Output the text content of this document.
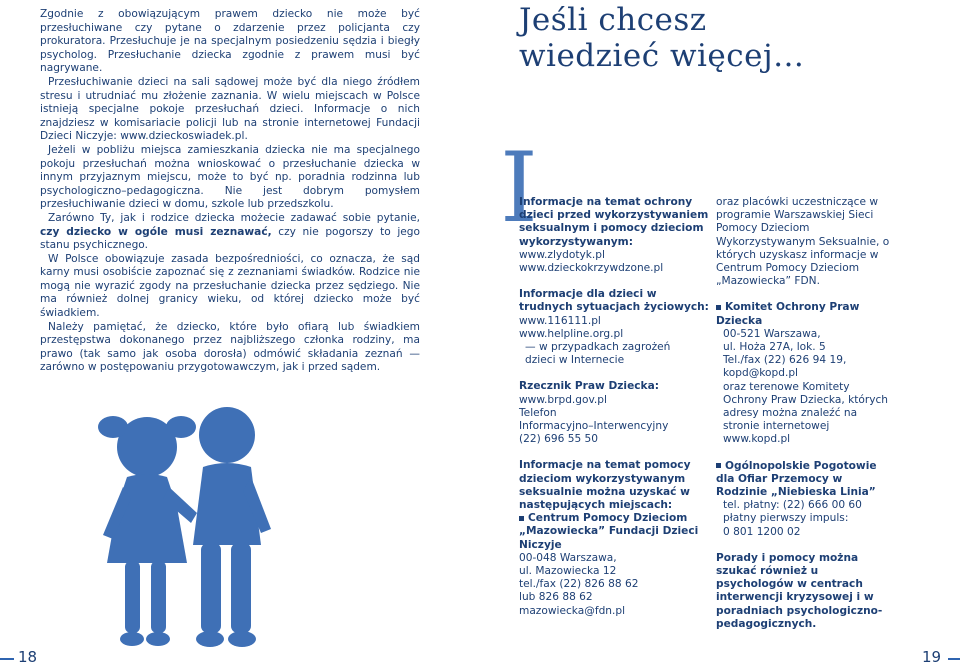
Zgodnie z obowiązującym prawem dziecko nie może być przesłuchiwane czy pytane o zdarzenie przez policjanta czy prokuratora. Przesłuchuje je na specjalnym posiedzeniu sędzia i biegły psycholog. Przesłuchanie dziecka zgodnie z prawem musi być nagrywane.

Przesłuchiwanie dzieci na sali sądowej może być dla niego źródłem stresu i utrudniać mu złożenie zaznania. W wielu miejscach w Polsce istnieją specjalne pokoje przesłuchań dzieci. Informacje o nich znajdziesz w komisariacie policji lub na stronie internetowej Fundacji Dzieci Niczyje: www.dzieckoswiadek.pl.

Jeżeli w pobliżu miejsca zamieszkania dziecka nie ma specjalnego pokoju przesłuchań można wnioskować o przesłuchanie dziecka w innym przyjaznym miejscu, może to być np. poradnia rodzinna lub psychologiczno–pedagogiczna. Nie jest dobrym pomysłem przesłuchiwanie dzieci w domu, szkole lub przedszkolu.

Zarówno Ty, jak i rodzice dziecka możecie zadawać sobie pytanie, czy dziecko w ogóle musi zeznawać, czy nie pogorszy to jego stanu psychicznego.

W Polsce obowiązuje zasada bezpośredniości, co oznacza, że sąd karny musi osobiście zapoznać się z zeznaniami świadków. Rodzice nie mogą nie wyrazić zgody na przesłuchanie dziecka przez sędziego. Nie ma również dolnej granicy wieku, od której dziecko może być świadkiem.

Należy pamiętać, że dziecko, które było ofiarą lub świadkiem przestępstwa dokonanego przez najbliższego członka rodziny, ma prawo (tak samo jak osoba dorosła) odmówić składania zeznań — zarówno w postępowaniu przygotowawczym, jak i przed sądem.

18
Jeśli chcesz
wiedzieć więcej…
I
Informacje na temat ochrony dzieci przed wykorzystywaniem seksualnym i pomocy dzieciom wykorzystywanym:
www.zlydotyk.pl
www.dzieckokrzywdzone.pl
Informacje dla dzieci w trudnych sytuacjach życiowych:
www.116111.pl
www.helpline.org.pl
— w przypadkach zagrożeń
dzieci w Internecie
Rzecznik Praw Dziecka:
www.brpd.gov.pl
Telefon
Informacyjno–Interwencyjny
(22) 696 55 50
Informacje na temat pomocy dzieciom wykorzystywanym seksualnie można uzyskać w następujących miejscach:
Centrum Pomocy Dzieciom „Mazowiecka” Fundacji Dzieci Niczyje
00-048 Warszawa,
ul. Mazowiecka 12
tel./fax (22) 826 88 62
lub 826 88 62
mazowiecka@fdn.pl
oraz placówki uczestniczące w programie Warszawskiej Sieci Pomocy Dzieciom Wykorzystywanym Seksualnie, o których uzyskasz informacje w Centrum Pomocy Dzieciom „Mazowiecka” FDN.
Komitet Ochrony Praw Dziecka
00-521 Warszawa,
ul. Hoża 27A, lok. 5
Tel./fax (22) 626 94 19,
kopd@kopd.pl
oraz terenowe Komitety Ochrony Praw Dziecka, których adresy można znaleźć na stronie internetowej www.kopd.pl
Ogólnopolskie Pogotowie dla Ofiar Przemocy w Rodzinie „Niebieska Linia”
tel. płatny: (22) 666 00 60
płatny pierwszy impuls:
0 801 1200 02
Porady i pomocy można szukać również u psychologów w centrach interwencji kryzysowej i w poradniach psychologiczno-pedagogicznych.
19
